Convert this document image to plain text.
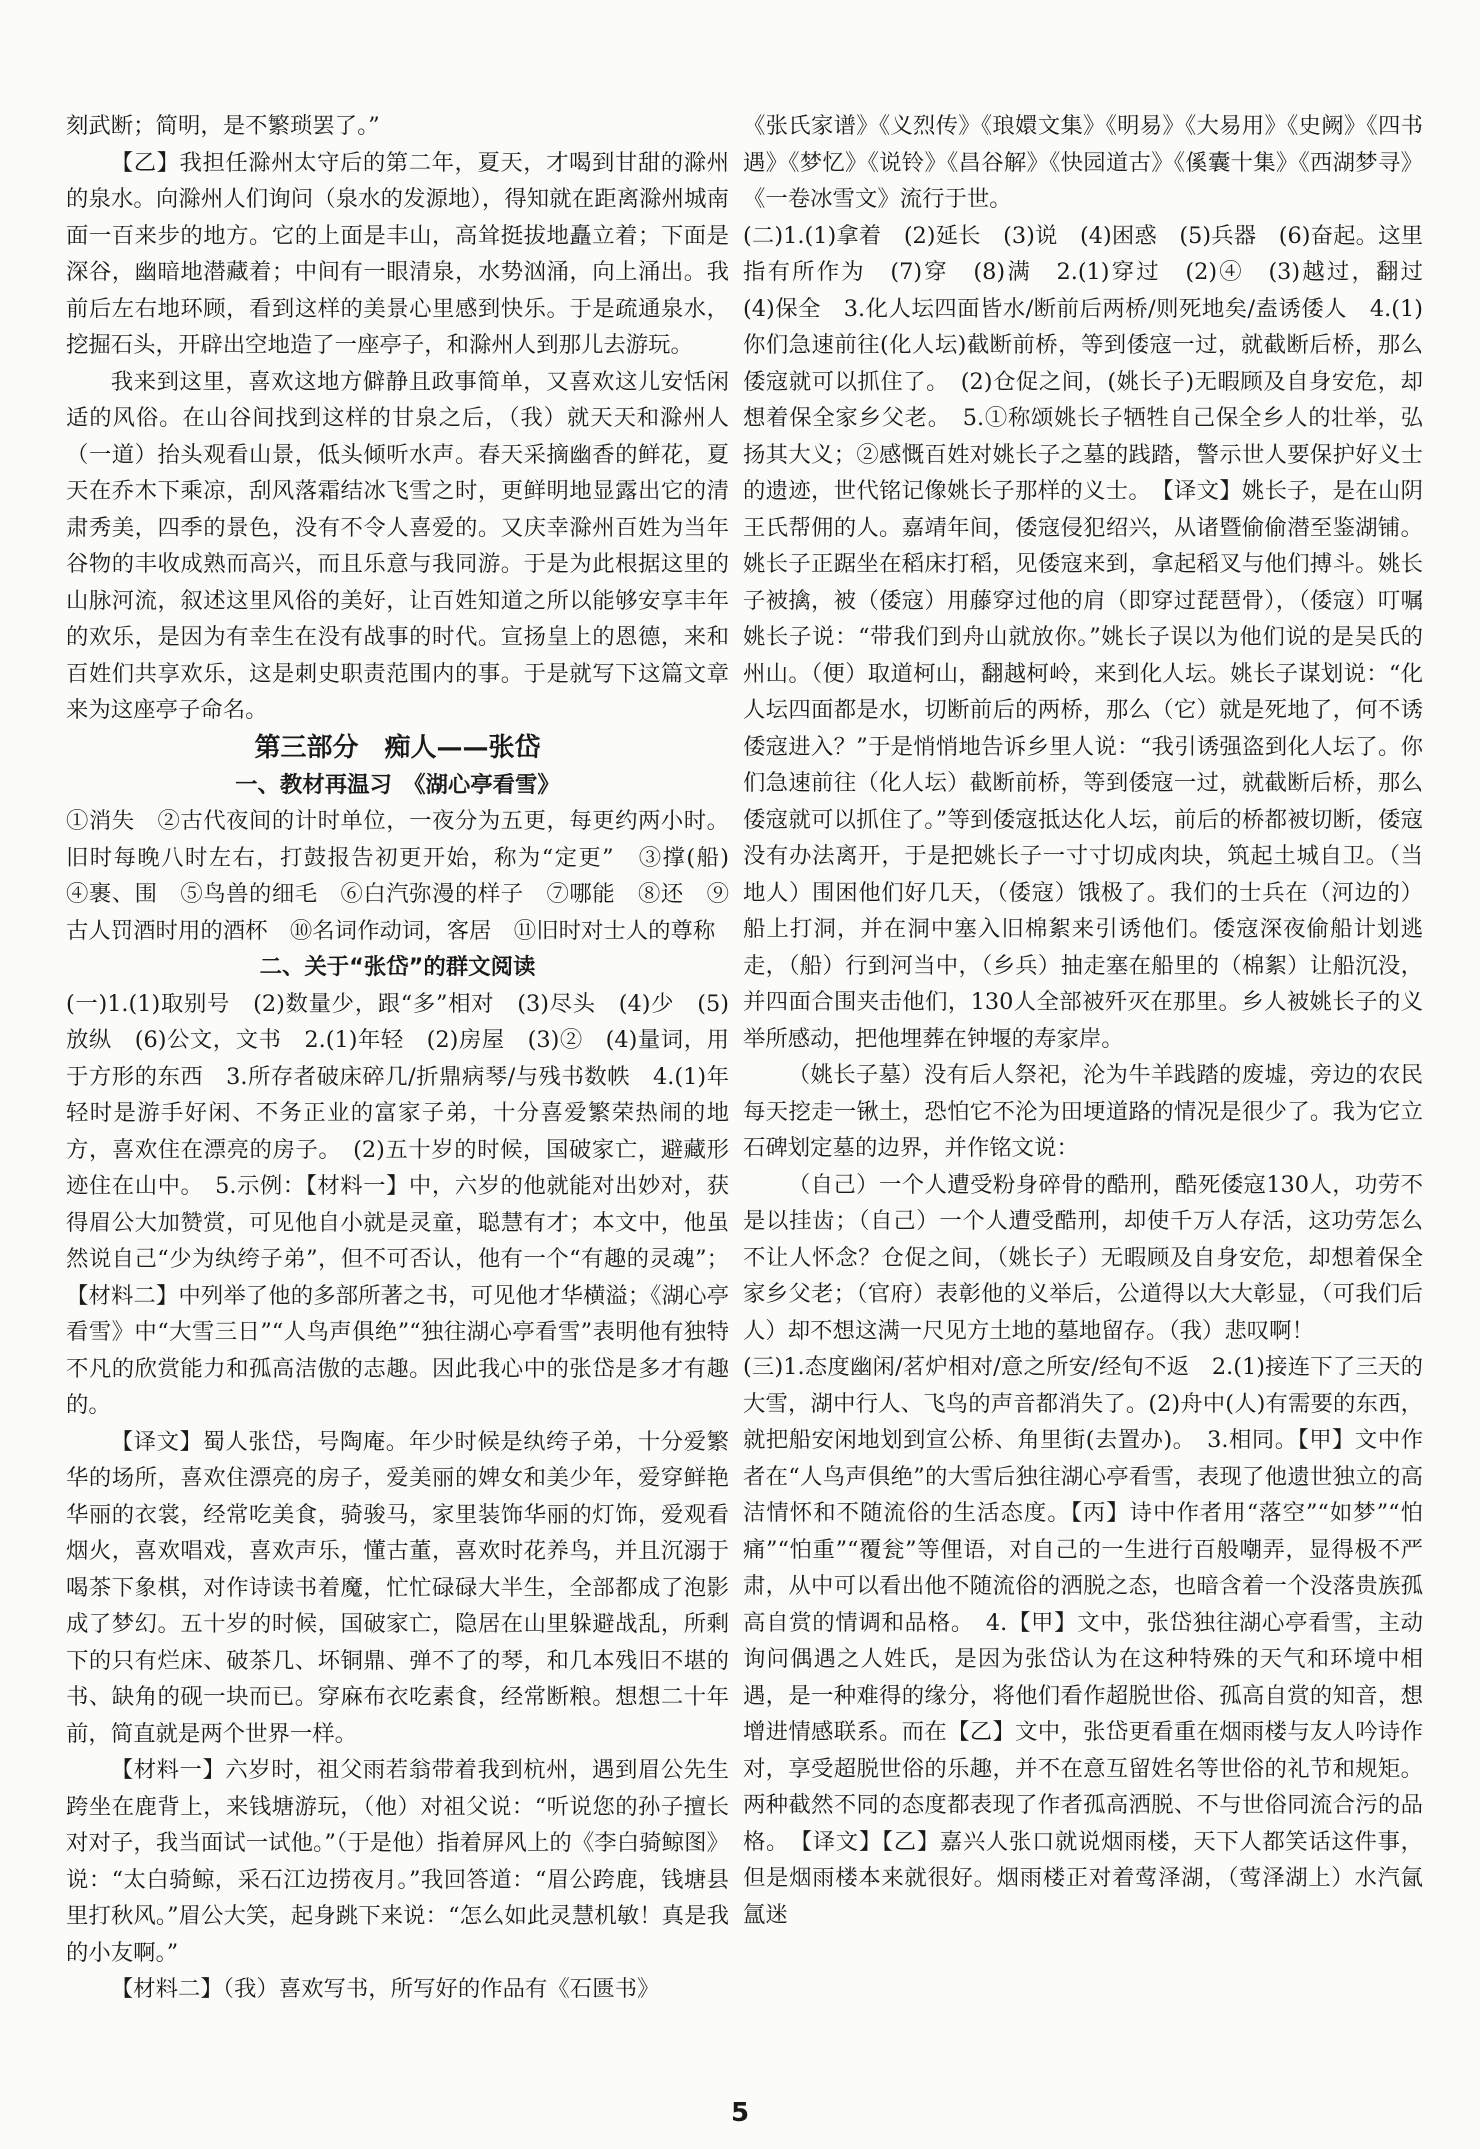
刻武断；简明，是不繁琐罢了。”

【乙】我担任滁州太守后的第二年，夏天，才喝到甘甜的滁州的泉水。向滁州人们询问（泉水的发源地），得知就在距离滁州城南面一百来步的地方。它的上面是丰山，高耸挺拔地矗立着；下面是深谷，幽暗地潜藏着；中间有一眼清泉，水势汹涌，向上涌出。我前后左右地环顾，看到这样的美景心里感到快乐。于是疏通泉水，挖掘石头，开辟出空地造了一座亭子，和滁州人到那儿去游玩。

我来到这里，喜欢这地方僻静且政事简单，又喜欢这儿安恬闲适的风俗。在山谷间找到这样的甘泉之后，（我）就天天和滁州人（一道）抬头观看山景，低头倾听水声。春天采摘幽香的鲜花，夏天在乔木下乘凉，刮风落霜结冰飞雪之时，更鲜明地显露出它的清肃秀美，四季的景色，没有不令人喜爱的。又庆幸滁州百姓为当年谷物的丰收成熟而高兴，而且乐意与我同游。于是为此根据这里的山脉河流，叙述这里风俗的美好，让百姓知道之所以能够安享丰年的欢乐，是因为有幸生在没有战事的时代。宣扬皇上的恩德，来和百姓们共享欢乐，这是刺史职责范围内的事。于是就写下这篇文章来为这座亭子命名。

第三部分　痴人——张岱

一、教材再温习　《湖心亭看雪》

①消失　②古代夜间的计时单位，一夜分为五更，每更约两小时。旧时每晚八时左右，打鼓报告初更开始，称为“定更”　③撑(船)　④裹、围　⑤鸟兽的细毛　⑥白汽弥漫的样子　⑦哪能　⑧还　⑨古人罚酒时用的酒杯　⑩名词作动词，客居　⑪旧时对士人的尊称

二、关于“张岱”的群文阅读

(一)1.(1)取别号　(2)数量少，跟“多”相对　(3)尽头　(4)少　(5)放纵　(6)公文，文书　2.(1)年轻　(2)房屋　(3)②　(4)量词，用于方形的东西　3.所存者破床碎几/折鼎病琴/与残书数帙　4.(1)年轻时是游手好闲、不务正业的富家子弟，十分喜爱繁荣热闹的地方，喜欢住在漂亮的房子。　(2)五十岁的时候，国破家亡，避藏形迹住在山中。　5.示例：【材料一】中，六岁的他就能对出妙对，获得眉公大加赞赏，可见他自小就是灵童，聪慧有才；本文中，他虽然说自己“少为纨绔子弟”，但不可否认，他有一个“有趣的灵魂”；【材料二】中列举了他的多部所著之书，可见他才华横溢；《湖心亭看雪》中“大雪三日”“人鸟声俱绝”“独往湖心亭看雪”表明他有独特不凡的欣赏能力和孤高洁傲的志趣。因此我心中的张岱是多才有趣的。

【译文】蜀人张岱，号陶庵。年少时候是纨绔子弟，十分爱繁华的场所，喜欢住漂亮的房子，爱美丽的婢女和美少年，爱穿鲜艳华丽的衣裳，经常吃美食，骑骏马，家里装饰华丽的灯饰，爱观看烟火，喜欢唱戏，喜欢声乐，懂古董，喜欢时花养鸟，并且沉溺于喝茶下象棋，对作诗读书着魔，忙忙碌碌大半生，全部都成了泡影成了梦幻。五十岁的时候，国破家亡，隐居在山里躲避战乱，所剩下的只有烂床、破茶几、坏铜鼎、弹不了的琴，和几本残旧不堪的书、缺角的砚一块而已。穿麻布衣吃素食，经常断粮。想想二十年前，简直就是两个世界一样。

【材料一】六岁时，祖父雨若翁带着我到杭州，遇到眉公先生跨坐在鹿背上，来钱塘游玩，（他）对祖父说：“听说您的孙子擅长对对子，我当面试一试他。”（于是他）指着屏风上的《李白骑鲸图》说：“太白骑鲸，采石江边捞夜月。”我回答道：“眉公跨鹿，钱塘县里打秋风。”眉公大笑，起身跳下来说：“怎么如此灵慧机敏！真是我的小友啊。”

【材料二】（我）喜欢写书，所写好的作品有《石匮书》

《张氏家谱》《义烈传》《琅嬛文集》《明易》《大易用》《史阙》《四书遇》《梦忆》《说铃》《昌谷解》《快园道古》《傒囊十集》《西湖梦寻》《一卷冰雪文》流行于世。

(二)1.(1)拿着　(2)延长　(3)说　(4)困惑　(5)兵器　(6)奋起。这里指有所作为　(7)穿　(8)满　2.(1)穿过　(2)④　(3)越过，翻过　(4)保全　3.化人坛四面皆水/断前后两桥/则死地矣/盍诱倭人　4.(1)你们急速前往(化人坛)截断前桥，等到倭寇一过，就截断后桥，那么倭寇就可以抓住了。　(2)仓促之间，(姚长子)无暇顾及自身安危，却想着保全家乡父老。　5.①称颂姚长子牺牲自己保全乡人的壮举，弘扬其大义；②感慨百姓对姚长子之墓的践踏，警示世人要保护好义士的遗迹，世代铭记像姚长子那样的义士。　【译文】姚长子，是在山阴王氏帮佣的人。嘉靖年间，倭寇侵犯绍兴，从诸暨偷偷潜至鉴湖铺。姚长子正踞坐在稻床打稻，见倭寇来到，拿起稻叉与他们搏斗。姚长子被擒，被（倭寇）用藤穿过他的肩（即穿过琵琶骨），（倭寇）叮嘱姚长子说：“带我们到舟山就放你。”姚长子误以为他们说的是吴氏的州山。（便）取道柯山，翻越柯岭，来到化人坛。姚长子谋划说：“化人坛四面都是水，切断前后的两桥，那么（它）就是死地了，何不诱倭寇进入？”于是悄悄地告诉乡里人说：“我引诱强盗到化人坛了。你们急速前往（化人坛）截断前桥，等到倭寇一过，就截断后桥，那么倭寇就可以抓住了。”等到倭寇抵达化人坛，前后的桥都被切断，倭寇没有办法离开，于是把姚长子一寸寸切成肉块，筑起土城自卫。（当地人）围困他们好几天，（倭寇）饿极了。我们的士兵在（河边的）船上打洞，并在洞中塞入旧棉絮来引诱他们。倭寇深夜偷船计划逃走，（船）行到河当中，（乡兵）抽走塞在船里的（棉絮）让船沉没，并四面合围夹击他们，130人全部被歼灭在那里。乡人被姚长子的义举所感动，把他埋葬在钟堰的寿家岸。

（姚长子墓）没有后人祭祀，沦为牛羊践踏的废墟，旁边的农民每天挖走一锹土，恐怕它不沦为田埂道路的情况是很少了。我为它立石碑划定墓的边界，并作铭文说：

（自己）一个人遭受粉身碎骨的酷刑，酷死倭寇130人，功劳不是以挂齿；（自己）一个人遭受酷刑，却使千万人存活，这功劳怎么不让人怀念？仓促之间，（姚长子）无暇顾及自身安危，却想着保全家乡父老；（官府）表彰他的义举后，公道得以大大彰显，（可我们后人）却不想这满一尺见方土地的墓地留存。（我）悲叹啊！

(三)1.态度幽闲/茗炉相对/意之所安/经旬不返　2.(1)接连下了三天的大雪，湖中行人、飞鸟的声音都消失了。(2)舟中(人)有需要的东西，就把船安闲地划到宣公桥、角里街(去置办)。　3.相同。【甲】文中作者在“人鸟声俱绝”的大雪后独往湖心亭看雪，表现了他遗世独立的高洁情怀和不随流俗的生活态度。【丙】诗中作者用“落空”“如梦”“怕痛”“怕重”“覆瓮”等俚语，对自己的一生进行百般嘲弄，显得极不严肃，从中可以看出他不随流俗的洒脱之态，也暗含着一个没落贵族孤高自赏的情调和品格。　4.【甲】文中，张岱独往湖心亭看雪，主动询问偶遇之人姓氏，是因为张岱认为在这种特殊的天气和环境中相遇，是一种难得的缘分，将他们看作超脱世俗、孤高自赏的知音，想增进情感联系。而在【乙】文中，张岱更看重在烟雨楼与友人吟诗作对，享受超脱世俗的乐趣，并不在意互留姓名等世俗的礼节和规矩。两种截然不同的态度都表现了作者孤高洒脱、不与世俗同流合污的品格。　【译文】【乙】嘉兴人张口就说烟雨楼，天下人都笑话这件事，但是烟雨楼本来就很好。烟雨楼正对着莺泽湖，（莺泽湖上）水汽氤氲迷

5
